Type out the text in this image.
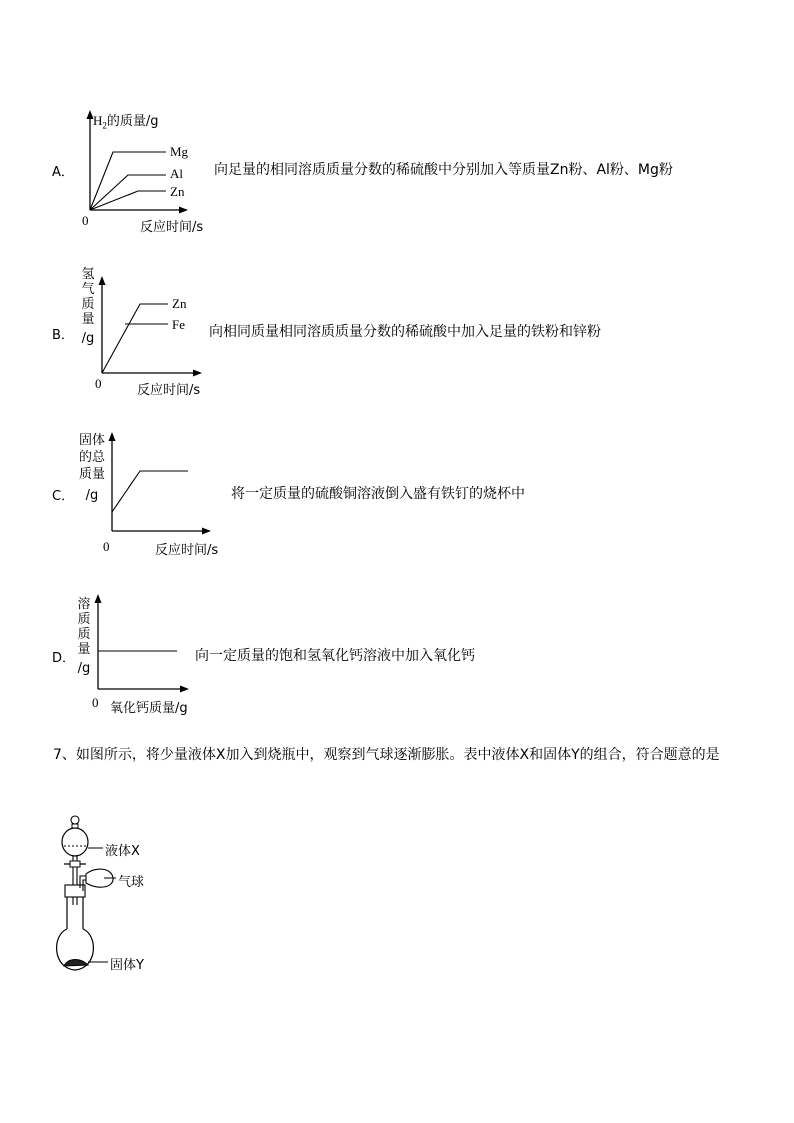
A．
$H_2$的质量/g
Mg
Al
Zn
0	反应时间/s
向足量的相同溶质质量分数的稀硫酸中分别加入等质量Zn粉、Al粉、Mg粉
B．
氢
气
质
量
/g
Zn
Fe
0	反应时间/s
向相同质量相同溶质质量分数的稀硫酸中加入足量的铁粉和锌粉
C．
固体
的总
质量
/g
0	反应时间/s
将一定质量的硫酸铜溶液倒入盛有铁钉的烧杯中
D．
溶
质
质
量
/g
0 氧化钙质量/g
向一定质量的饱和氢氧化钙溶液中加入氧化钙
7、如图所示，将少量液体X加入到烧瓶中，观察到气球逐渐膨胀。表中液体X和固体Y的组合，符合题意的是
液体X
气球
固体Y
